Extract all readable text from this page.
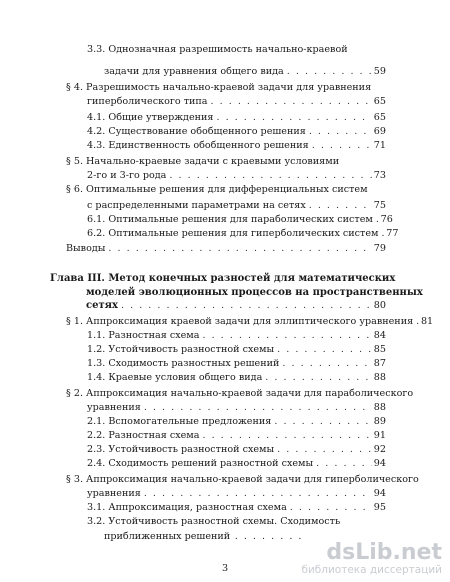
3.3. Однозначная разрешимость начально-краевой
задачи для уравнения общего вида . . .	59
§ 4. Разрешимость начально-краевой задачи для уравнения
гиперболического типа . . .	65
4.1. Общие утверждения . . .	65
4.2. Существование обобщенного решения . . .	69
4.3. Единственность обобщенного решения . . .	71
§ 5. Начально-краевые задачи с краевыми условиями
2-го и 3-го рода . . .	73
§ 6. Оптимальные решения для дифференциальных систем
с распределенными параметрами на сетях . . .	75
6.1. Оптимальные решения для параболических систем . . . 76
6.2. Оптимальные решения для гиперболических систем . . . 77
Выводы . . .	79
Глава III. Метод конечных разностей для математических
моделей эволюционных процессов на пространственных
сетях . . .	80
§ 1. Аппроксимация краевой задачи для эллиптического уравнения . . . 81
1.1. Разностная схема . . .	84
1.2. Устойчивость разностной схемы . . .	85
1.3. Сходимость разностных решений . . .	87
1.4. Краевые условия общего вида . . .	88
§ 2. Аппроксимация начально-краевой задачи для параболического
уравнения . . .	88
2.1. Вспомогательные предложения . . .	89
2.2. Разностная схема . . .	91
2.3. Устойчивость разностной схемы . . .	92
2.4. Сходимость решений разностной схемы . . .	94
§ 3. Аппроксимация начально-краевой задачи для гиперболического
уравнения . . .	94
3.1. Аппроксимация, разностная схема . . .	95
3.2. Устойчивость разностной схемы. Сходимость
приближенных решений . . . . . . . .
3
dsLib.net
библиотека диссертаций
